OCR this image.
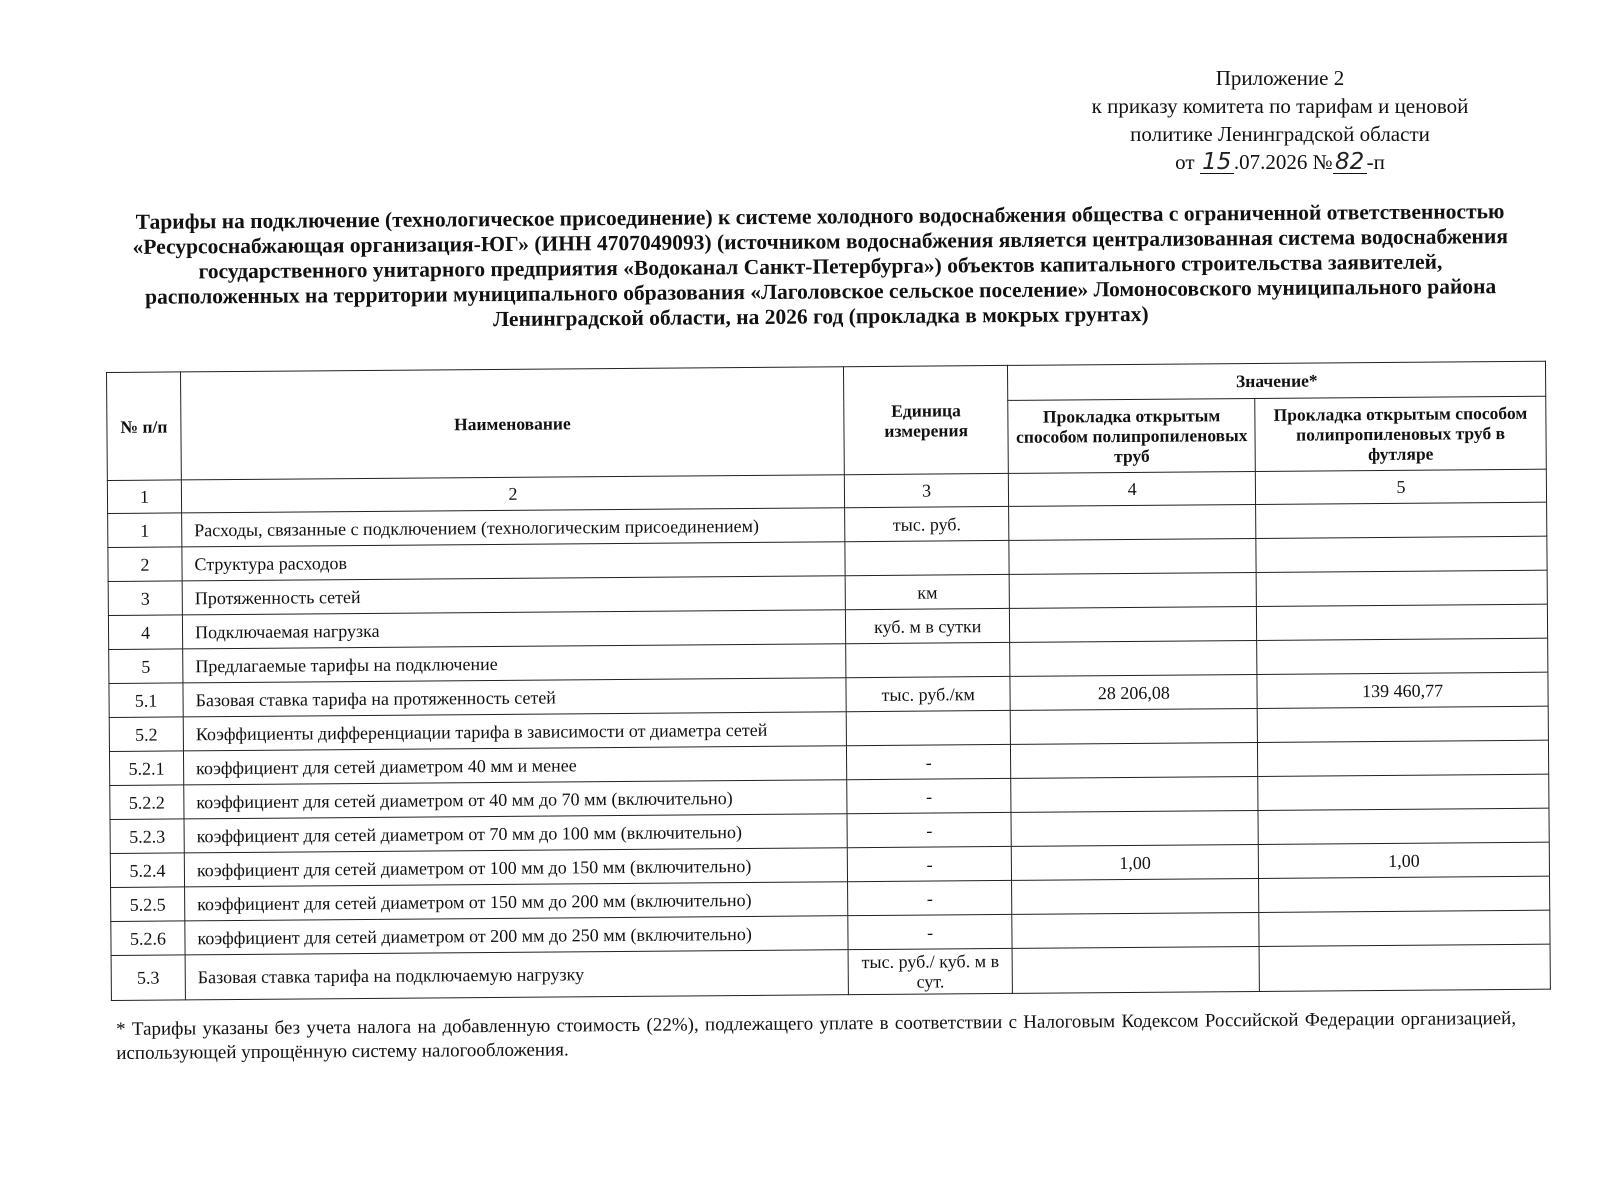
Приложение 2
к приказу комитета по тарифам и ценовой
политике Ленинградской области
от 15 .07.2026 № 82 -п
Тарифы на подключение (технологическое присоединение) к системе холодного водоснабжения общества с ограниченной ответственностью «Ресурсоснабжающая организация-ЮГ» (ИНН 4707049093) (источником водоснабжения является централизованная система водоснабжения государственного унитарного предприятия «Водоканал Санкт-Петербурга») объектов капитального строительства заявителей, расположенных на территории муниципального образования «Лаголовское сельское поселение» Ломоносовского муниципального района Ленинградской области, на 2026 год (прокладка в мокрых грунтах)
№ п/п	Наименование	Единица измерения	Значение*	
			Прокладка открытым способом полипропиленовых труб	Прокладка открытым способом полипропиленовых труб в футляре
1	2	3	4	5
1	Расходы, связанные с подключением (технологическим присоединением)	тыс. руб.		
2	Структура расходов			
3	Протяженность сетей	км		
4	Подключаемая нагрузка	куб. м в сутки		
5	Предлагаемые тарифы на подключение			
5.1	Базовая ставка тарифа на протяженность сетей	тыс. руб./км	28 206,08	139 460,77
5.2	Коэффициенты дифференциации тарифа в зависимости от диаметра сетей			
5.2.1	коэффициент для сетей диаметром 40 мм и менее	-		
5.2.2	коэффициент для сетей диаметром от 40 мм до 70 мм (включительно)	-		
5.2.3	коэффициент для сетей диаметром от 70 мм до 100 мм (включительно)	-		
5.2.4	коэффициент для сетей диаметром от 100 мм до 150 мм (включительно)	-	1,00	1,00
5.2.5	коэффициент для сетей диаметром от 150 мм до 200 мм (включительно)	-		
5.2.6	коэффициент для сетей диаметром от 200 мм до 250 мм (включительно)	-		
5.3	Базовая ставка тарифа на подключаемую нагрузку	тыс. руб./ куб. м в сут.		
* Тарифы указаны без учета налога на добавленную стоимость (22%), подлежащего уплате в соответствии с Налоговым Кодексом Российской Федерации организацией, использующей упрощённую систему налогообложения.
